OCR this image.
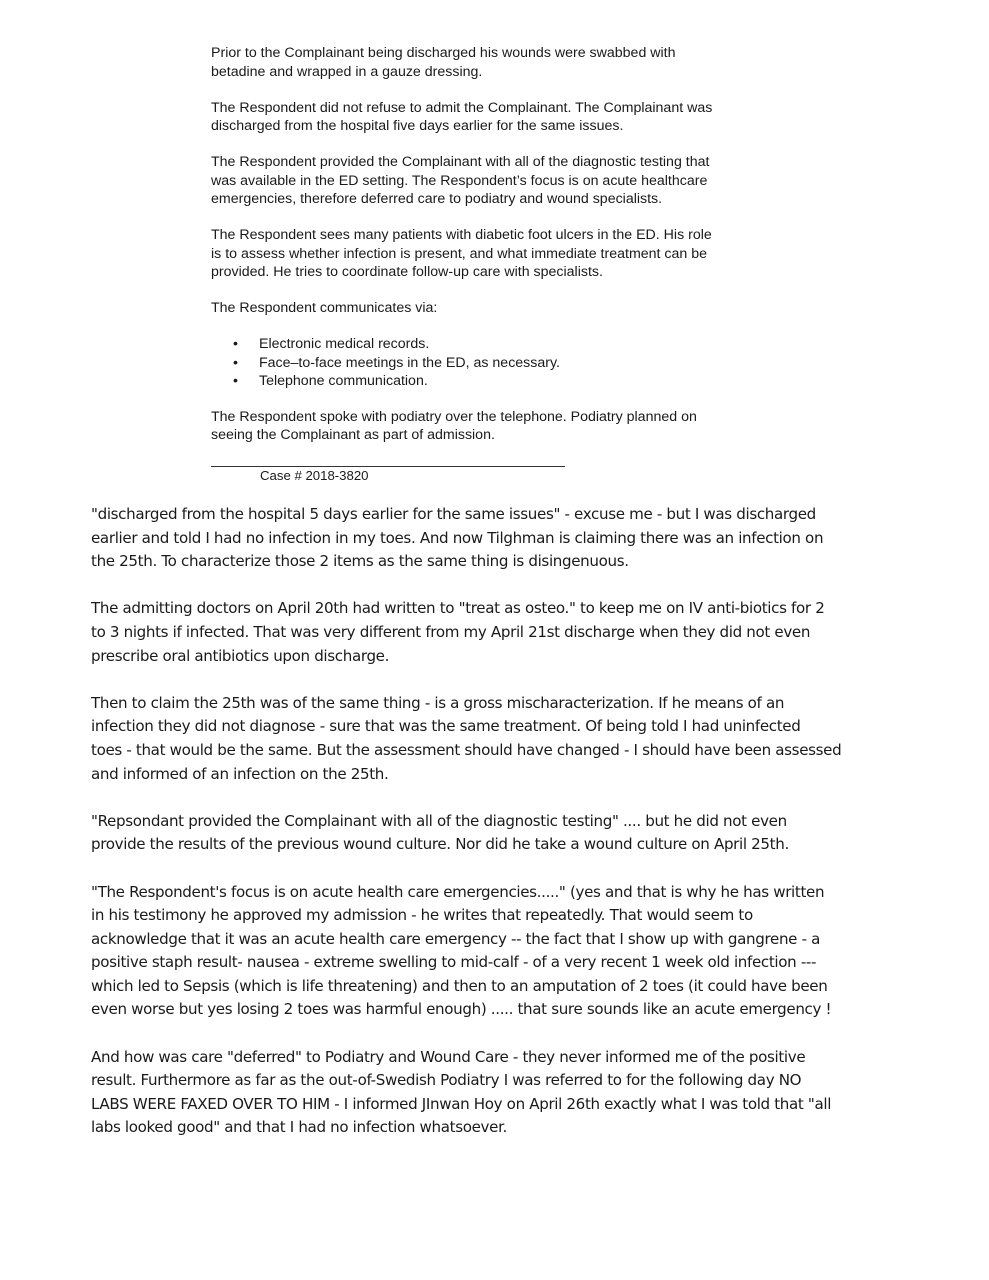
Prior to the Complainant being discharged his wounds were swabbed with
betadine and wrapped in a gauze dressing.

The Respondent did not refuse to admit the Complainant. The Complainant was
discharged from the hospital five days earlier for the same issues.

The Respondent provided the Complainant with all of the diagnostic testing that
was available in the ED setting. The Respondent’s focus is on acute healthcare
emergencies, therefore deferred care to podiatry and wound specialists.

The Respondent sees many patients with diabetic foot ulcers in the ED. His role
is to assess whether infection is present, and what immediate treatment can be
provided. He tries to coordinate follow-up care with specialists.

The Respondent communicates via:

• Electronic medical records.
• Face–to-face meetings in the ED, as necessary.
• Telephone communication.

The Respondent spoke with podiatry over the telephone. Podiatry planned on
seeing the Complainant as part of admission.

Case # 2018-3820

"discharged from the hospital 5 days earlier for the same issues" - excuse me - but I was discharged
earlier and told I had no infection in my toes. And now Tilghman is claiming there was an infection on
the 25th. To characterize those 2 items as the same thing is disingenuous.

The admitting doctors on April 20th had written to "treat as osteo." to keep me on IV anti-biotics for 2
to 3 nights if infected. That was very different from my April 21st discharge when they did not even
prescribe oral antibiotics upon discharge.

Then to claim the 25th was of the same thing - is a gross mischaracterization. If he means of an
infection they did not diagnose - sure that was the same treatment. Of being told I had uninfected
toes - that would be the same. But the assessment should have changed - I should have been assessed
and informed of an infection on the 25th.

"Repsondant provided the Complainant with all of the diagnostic testing" .... but he did not even
provide the results of the previous wound culture. Nor did he take a wound culture on April 25th.

"The Respondent's focus is on acute health care emergencies....." (yes and that is why he has written
in his testimony he approved my admission - he writes that repeatedly. That would seem to
acknowledge that it was an acute health care emergency -- the fact that I show up with gangrene - a
positive staph result- nausea - extreme swelling to mid-calf - of a very recent 1 week old infection ---
which led to Sepsis (which is life threatening) and then to an amputation of 2 toes (it could have been
even worse but yes losing 2 toes was harmful enough) ..... that sure sounds like an acute emergency !

And how was care "deferred" to Podiatry and Wound Care - they never informed me of the positive
result. Furthermore as far as the out-of-Swedish Podiatry I was referred to for the following day NO
LABS WERE FAXED OVER TO HIM - I informed JInwan Hoy on April 26th exactly what I was told that "all
labs looked good" and that I had no infection whatsoever.
